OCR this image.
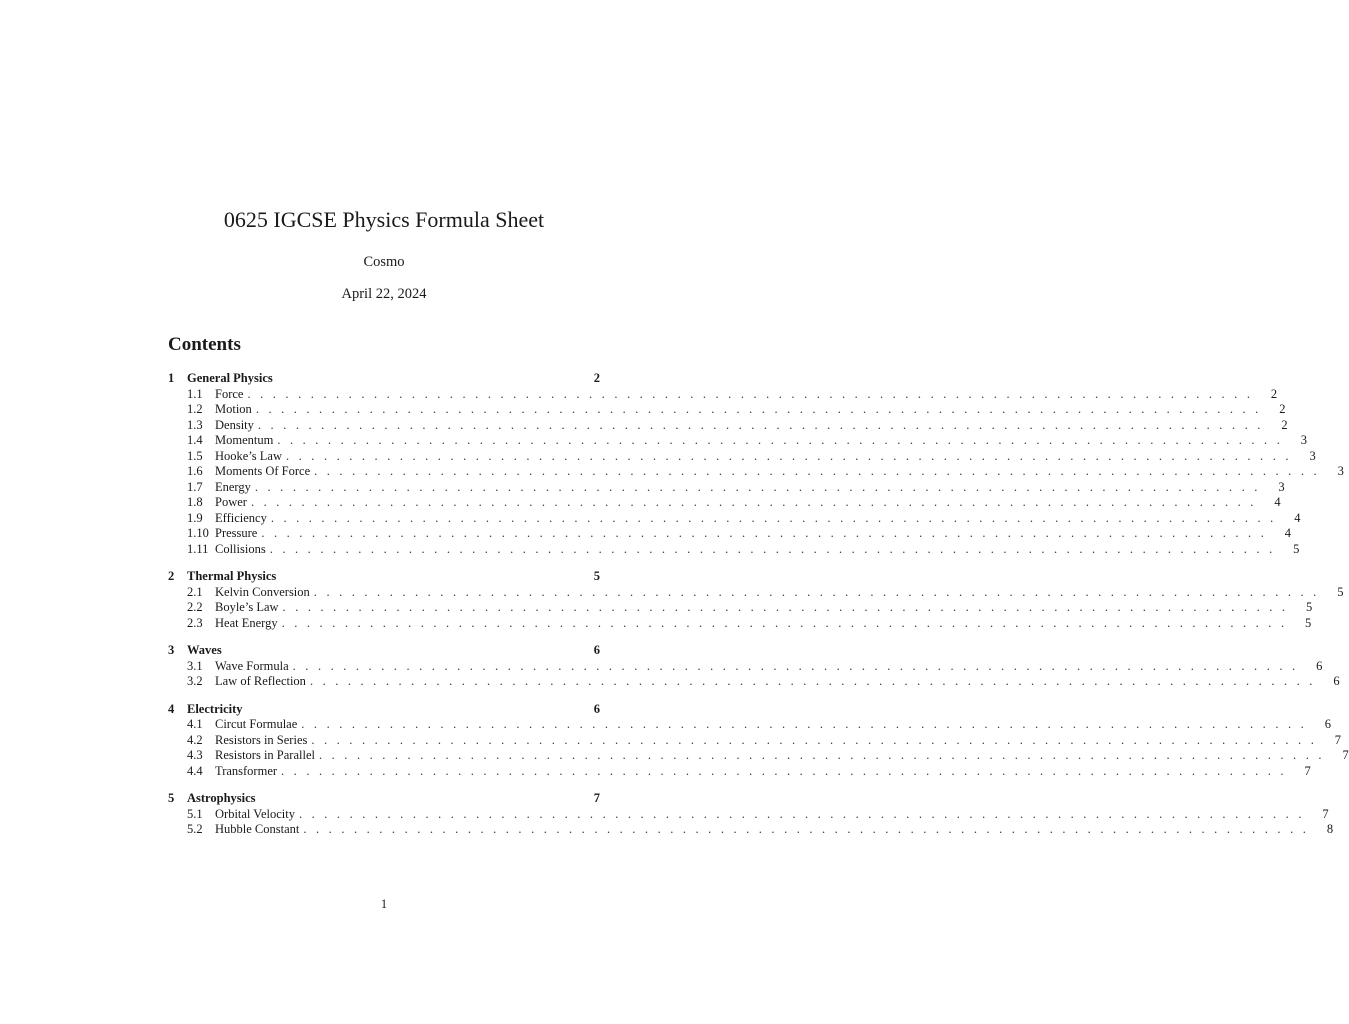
0625 IGCSE Physics Formula Sheet
Cosmo
April 22, 2024
Contents
1	General Physics	2
1.1 Force . . . . . . . . . . . . . . . . . . . . . . . . . . . . . . . . . . . . . . . . . . . . . . . . . . . . . . . . . . . . . . . . . . . . . . . . . . . . . . . .	2
1.2 Motion . . . . . . . . . . . . . . . . . . . . . . . . . . . . . . . . . . . . . . . . . . . . . . . . . . . . . . . . . . . . . . . . . . . . . . . . . . . . . . . .	2
1.3 Density . . . . . . . . . . . . . . . . . . . . . . . . . . . . . . . . . . . . . . . . . . . . . . . . . . . . . . . . . . . . . . . . . . . . . . . . . . . . . . . .	2
1.4 Momentum . . . . . . . . . . . . . . . . . . . . . . . . . . . . . . . . . . . . . . . . . . . . . . . . . . . . . . . . . . . . . . . . . . . . . . . . . . . . . . . .	3
1.5 Hooke’s Law . . . . . . . . . . . . . . . . . . . . . . . . . . . . . . . . . . . . . . . . . . . . . . . . . . . . . . . . . . . . . . . . . . . . . . . . . . . . . . . .	3
1.6 Moments Of Force . . . . . . . . . . . . . . . . . . . . . . . . . . . . . . . . . . . . . . . . . . . . . . . . . . . . . . . . . . . . . . . . . . . . . . . . . . . . . . . .	3
1.7 Energy . . . . . . . . . . . . . . . . . . . . . . . . . . . . . . . . . . . . . . . . . . . . . . . . . . . . . . . . . . . . . . . . . . . . . . . . . . . . . . . .	3
1.8 Power . . . . . . . . . . . . . . . . . . . . . . . . . . . . . . . . . . . . . . . . . . . . . . . . . . . . . . . . . . . . . . . . . . . . . . . . . . . . . . . .	4
1.9 Efficiency . . . . . . . . . . . . . . . . . . . . . . . . . . . . . . . . . . . . . . . . . . . . . . . . . . . . . . . . . . . . . . . . . . . . . . . . . . . . . . . .	4
1.10 Pressure . . . . . . . . . . . . . . . . . . . . . . . . . . . . . . . . . . . . . . . . . . . . . . . . . . . . . . . . . . . . . . . . . . . . . . . . . . . . . . . .	4
1.11 Collisions . . . . . . . . . . . . . . . . . . . . . . . . . . . . . . . . . . . . . . . . . . . . . . . . . . . . . . . . . . . . . . . . . . . . . . . . . . . . . . . .	5
2	Thermal Physics	5
2.1 Kelvin Conversion . . . . . . . . . . . . . . . . . . . . . . . . . . . . . . . . . . . . . . . . . . . . . . . . . . . . . . . . . . . . . . . . . . . . . . . . . . . . . . . .	5
2.2 Boyle’s Law . . . . . . . . . . . . . . . . . . . . . . . . . . . . . . . . . . . . . . . . . . . . . . . . . . . . . . . . . . . . . . . . . . . . . . . . . . . . . . . .	5
2.3 Heat Energy . . . . . . . . . . . . . . . . . . . . . . . . . . . . . . . . . . . . . . . . . . . . . . . . . . . . . . . . . . . . . . . . . . . . . . . . . . . . . . . .	5
3	Waves	6
3.1 Wave Formula . . . . . . . . . . . . . . . . . . . . . . . . . . . . . . . . . . . . . . . . . . . . . . . . . . . . . . . . . . . . . . . . . . . . . . . . . . . . . . . .	6
3.2 Law of Reflection . . . . . . . . . . . . . . . . . . . . . . . . . . . . . . . . . . . . . . . . . . . . . . . . . . . . . . . . . . . . . . . . . . . . . . . . . . . . . . . .	6
4	Electricity	6
4.1 Circut Formulae . . . . . . . . . . . . . . . . . . . . . . . . . . . . . . . . . . . . . . . . . . . . . . . . . . . . . . . . . . . . . . . . . . . . . . . . . . . . . . . .	6
4.2 Resistors in Series . . . . . . . . . . . . . . . . . . . . . . . . . . . . . . . . . . . . . . . . . . . . . . . . . . . . . . . . . . . . . . . . . . . . . . . . . . . . . . . .	7
4.3 Resistors in Parallel . . . . . . . . . . . . . . . . . . . . . . . . . . . . . . . . . . . . . . . . . . . . . . . . . . . . . . . . . . . . . . . . . . . . . . . . . . . . . . . .	7
4.4 Transformer . . . . . . . . . . . . . . . . . . . . . . . . . . . . . . . . . . . . . . . . . . . . . . . . . . . . . . . . . . . . . . . . . . . . . . . . . . . . . . . .	7
5	Astrophysics	7
5.1 Orbital Velocity . . . . . . . . . . . . . . . . . . . . . . . . . . . . . . . . . . . . . . . . . . . . . . . . . . . . . . . . . . . . . . . . . . . . . . . . . . . . . . . .	7
5.2 Hubble Constant . . . . . . . . . . . . . . . . . . . . . . . . . . . . . . . . . . . . . . . . . . . . . . . . . . . . . . . . . . . . . . . . . . . . . . . . . . . . . . . .	8
1
